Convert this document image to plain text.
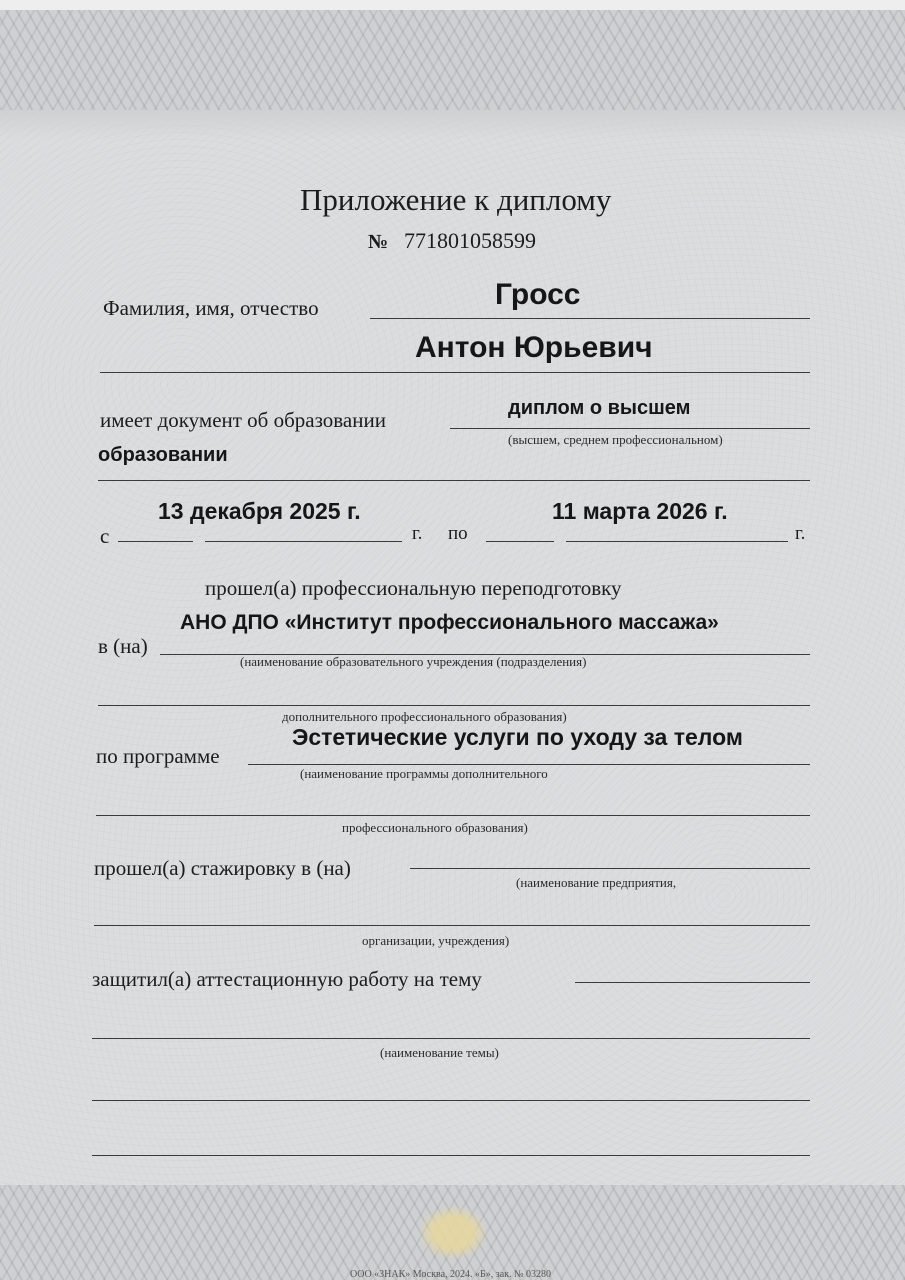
Приложение к диплому
№ 771801058599
Фамилия, имя, отчество	Гросс
Антон Юрьевич
имеет документ об образовании	диплом о высшем
(высшем, среднем профессиональном)
образовании
с
13 декабря 2025 г.
г. по
11 марта 2026 г.
г.
прошел(а) профессиональную переподготовку
в (на)
АНО ДПО «Институт профессионального массажа»
(наименование образовательного учреждения (подразделения)
дополнительного профессионального образования)
по программе
Эстетические услуги по уходу за телом
(наименование программы дополнительного
профессионального образования)
прошел(а) стажировку в (на)
(наименование предприятия,
организации, учреждения)
защитил(а) аттестационную работу на тему
(наименование темы)
ООО «ЗНАК» Москва, 2024. «Б», зак. № 03280
